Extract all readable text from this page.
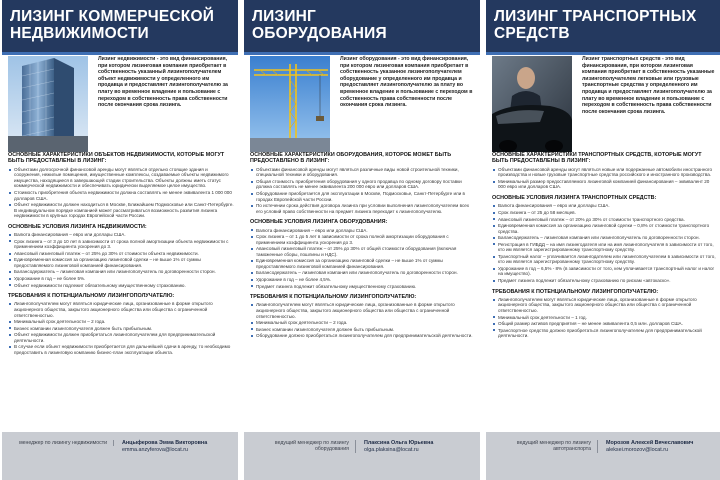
ЛИЗИНГ КОММЕРЧЕСКОЙ
НЕДВИЖИМОСТИ
Лизинг недвижимости - это вид финансирования, при котором лизинговая компания приобретает в собственность указанный лизингополучателем объект недвижимости у определенного им продавца и предоставляет лизингополучателю за плату во временное владение и пользование с переходом в собственность права собственности после окончания срока лизинга.
ОСНОВНЫЕ ХАРАКТЕРИСТИКИ ОБЪЕКТОВ НЕДВИЖИМОСТИ, КОТОРЫЕ МОГУТ БЫТЬ ПРЕДОСТАВЛЕНЫ В ЛИЗИНГ:
Объектами долгосрочной финансовой аренды могут являться отдельно стоящие здания и сооружения, нежилые помещения, имущественные комплексы, создаваемые объекты недвижимого имущества, находящиеся в завершающей стадии строительства. Объекты должны иметь статус коммерческой недвижимости и обеспечивать юридически выделяемое целое имущество.
Стоимость приобретения объекта недвижимости должна составлять не менее эквивалента 1 000 000 долларов США.
Объект недвижимости должен находиться в Москве, Ближайшем Подмосковье или Санкт-Петербурге. В индивидуальном порядке компанией может рассматриваться возможность развития лизинга недвижимости в крупных городах Европейской части России.
ОСНОВНЫЕ УСЛОВИЯ ЛИЗИНГА НЕДВИЖИМОСТИ:
Валюта финансирования – евро или доллары США.
Срок лизинга – от 3 до 10 лет в зависимости от срока полной амортизации объекта недвижимости с применением коэффициента ускорения до 3.
Авансовый лизинговый платеж – от 25% до 30% от стоимости объекта недвижимости.
Единовременная комиссия за организацию лизинговой сделки – не выше 1% от суммы предоставляемого лизинговой компанией финансирования.
Балансодержатель – лизинговая компания или лизингополучатель по договоренности сторон.
Удорожание в год – не более 5%.
Объект недвижимости подлежит обязательному имущественному страхованию.
ТРЕБОВАНИЯ К ПОТЕНЦИАЛЬНОМУ ЛИЗИНГОПОЛУЧАТЕЛЮ:
Лизингополучателем могут являться юридические лица, организованные в форме открытого акционерного общества, закрытого акционерного общества или общества с ограниченной ответственностью.
Минимальный срок деятельности – 2 года.
Бизнес компании лизингополучателя должен быть прибыльным.
Объект недвижимости должен приобретаться лизингополучателем для предпринимательской деятельности.
В случае если объект недвижимости приобретается для дальнейшей сдачи в аренду, то необходимо предоставить в лизинговую компанию бизнес-план эксплуатации объекта.
менеджер по лизингу недвижимости	Анцыферова Эмма Викторовна
emma.anzyferova@locat.ru
ЛИЗИНГ
ОБОРУДОВАНИЯ
Лизинг оборудования - это вид финансирования, при котором лизинговая компания приобретает в собственность указанное лизингополучателем оборудование у определенного им продавца и предоставляет лизингополучателю за плату во временное владение и пользование с переходом в собственность права собственности после окончания срока лизинга.
ОСНОВНЫЕ ХАРАКТЕРИСТИКИ ОБОРУДОВАНИЯ, КОТОРОЕ МОЖЕТ БЫТЬ ПРЕДОСТАВЛЕНО В ЛИЗИНГ:
Объектами финансовой аренды могут являться различные виды новой строительной техники, специальной техники и оборудования.
Общая стоимость приобретения оборудования у одного продавца по одному договору поставки должна составлять не менее эквивалента 200 000 евро или долларов США.
Оборудование приобретается для эксплуатации в Москве, Подмосковье, Санкт-Петербурге или в городах Европейской части России.
По истечении срока действия договора лизинга при условии выполнения лизингополучателем всех его условий право собственности на предмет лизинга переходит к лизингополучателю.
ОСНОВНЫЕ УСЛОВИЯ ЛИЗИНГА ОБОРУДОВАНИЯ:
Валюта финансирования – евро или доллары США.
Срок лизинга – от 1 до 5 лет в зависимости от срока полной амортизации оборудования с применением коэффициента ускорения до 3.
Авансовый лизинговый платеж – от 25% до 30% от общей стоимости оборудования (включая таможенные сборы, пошлины и НДС).
Единовременная комиссия за организацию лизинговой сделки – не выше 1% от суммы предоставляемого лизинговой компанией финансирования.
Балансодержатель – лизинговая компания или лизингополучатель по договоренности сторон.
Удорожание в год – не более 4,5%.
Предмет лизинга подлежит обязательному имущественному страхованию.
ТРЕБОВАНИЯ К ПОТЕНЦИАЛЬНОМУ ЛИЗИНГОПОЛУЧАТЕЛЮ:
Лизингополучателем могут являться юридические лица, организованные в форме открытого акционерного общества, закрытого акционерного общества или общества с ограниченной ответственностью.
Минимальный срок деятельности – 2 года.
Бизнес компании лизингополучателя должен быть прибыльным.
Оборудование должно приобретаться лизингополучателем для предпринимательской деятельности.
ведущий менеджер по лизингу оборудования
Плаксина Ольга Юрьевна
olga.plaksina@locat.ru
ЛИЗИНГ ТРАНСПОРТНЫХ
СРЕДСТВ
Лизинг транспортных средств - это вид финансирования, при котором лизинговая компания приобретает в собственность указанные лизингополучателем легковые или грузовые транспортные средства у определенного им продавца и предоставляет лизингополучателю за плату во временное владение и пользование с переходом в собственность права собственности после окончания срока лизинга.
ОСНОВНЫЕ ХАРАКТЕРИСТИКИ ТРАНСПОРТНЫХ СРЕДСТВ, КОТОРЫЕ МОГУТ БЫТЬ ПРЕДОСТАВЛЕНЫ В ЛИЗИНГ:
Объектами финансовой аренды могут являться новые или подержанные автомобили иностранного производства и новые грузовые транспортные средства российского и иностранного производства.
Минимальный размер предоставляемого лизинговой компанией финансирования – эквивалент 20 000 евро или долларов США.
ОСНОВНЫЕ УСЛОВИЯ ЛИЗИНГА ТРАНСПОРТНЫХ СРЕДСТВ:
Валюта финансирования – евро или доллары США.
Срок лизинга – от 25 до 58 месяцев.
Авансовый лизинговый платеж – от 20% до 30% от стоимости транспортного средства.
Единовременная комиссия за организацию лизинговой сделки – 0,8% от стоимости транспортного средства.
Балансодержатель – лизинговая компания или лизингополучатель по договоренности сторон.
Регистрация в ГИБДД – на имя лизингодателя или на имя лизингополучателя в зависимости от того, кто им является зарегистрированному транспортному средству.
Транспортный налог – уплачивается лизингодателем или лизингополучателем в зависимости от того, кто им является зарегистрированному транспортному средству.
Удорожание в год – 6,5% - 8% (в зависимости от того, кем уплачивается транспортный налог и налог на имущество).
Предмет лизинга подлежит обязательному страхованию по рискам «автокаско».
ТРЕБОВАНИЯ К ПОТЕНЦИАЛЬНОМУ ЛИЗИНГОПОЛУЧАТЕЛЮ:
Лизингополучателем могут являться юридические лица, организованные в форме открытого акционерного общества, закрытого акционерного общества или общества с ограниченной ответственностью.
Минимальный срок деятельности – 1 год.
Общий размер активов предприятия – не менее эквивалента 0,5 млн. долларов США.
Транспортное средство должно приобретаться лизингополучателем для предпринимательской деятельности.
ведущий менеджер по лизингу автотранспорта
Морозов Алексей Вячеславович
aleksei.morozov@locat.ru
